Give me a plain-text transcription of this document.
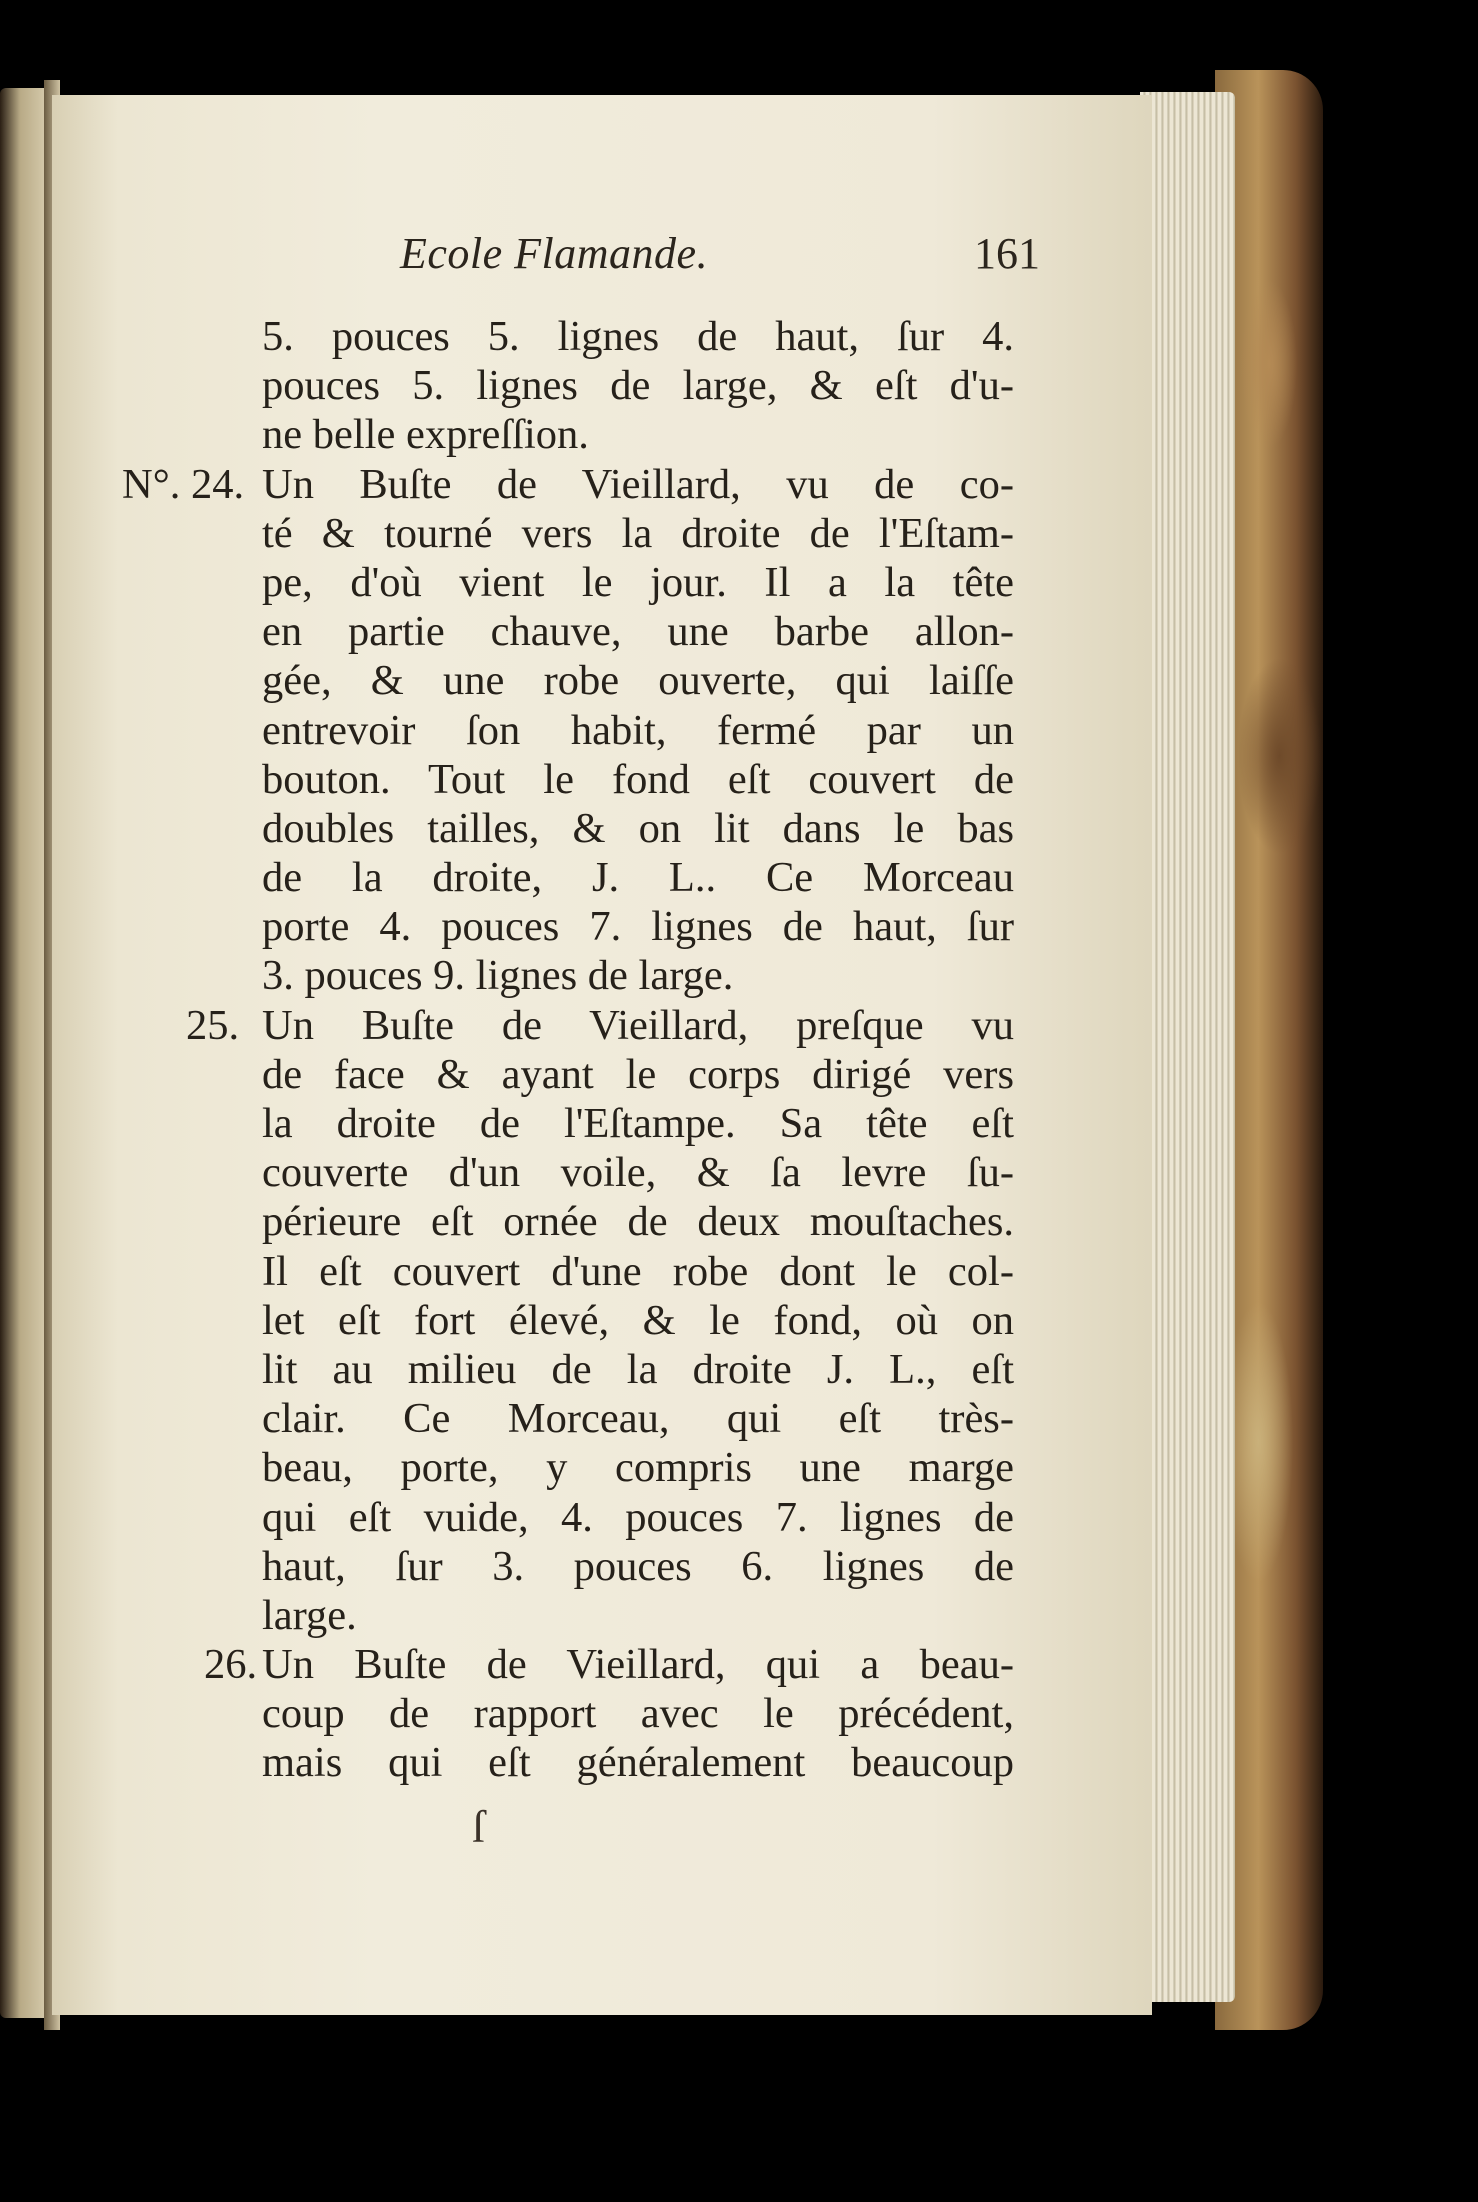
Ecole Flamande.	161
N°. 24.
25.
26.
5. pouces 5. lignes de haut, ſur 4.
pouces 5. lignes de large, & eſt d'u-
ne belle expreſſion.
Un Buſte de Vieillard, vu de co-
té & tourné vers la droite de l'Eſtam-
pe, d'où vient le jour. Il a la tête
en partie chauve, une barbe allon-
gée, & une robe ouverte, qui laiſſe
entrevoir ſon habit, fermé par un
bouton. Tout le fond eſt couvert de
doubles tailles, & on lit dans le bas
de la droite, J. L.. Ce Morceau
porte 4. pouces 7. lignes de haut, ſur
3. pouces 9. lignes de large.
Un Buſte de Vieillard, preſque vu
de face & ayant le corps dirigé vers
la droite de l'Eſtampe. Sa tête eſt
couverte d'un voile, & ſa levre ſu-
périeure eſt ornée de deux mouſtaches.
Il eſt couvert d'une robe dont le col-
let eſt fort élevé, & le fond, où on
lit au milieu de la droite J. L., eſt
clair. Ce Morceau, qui eſt très-
beau, porte, y compris une marge
qui eſt vuide, 4. pouces 7. lignes de
haut, ſur 3. pouces 6. lignes de
large.
Un Buſte de Vieillard, qui a beau-
coup de rapport avec le précédent,
mais qui eſt généralement beaucoup
ſ
